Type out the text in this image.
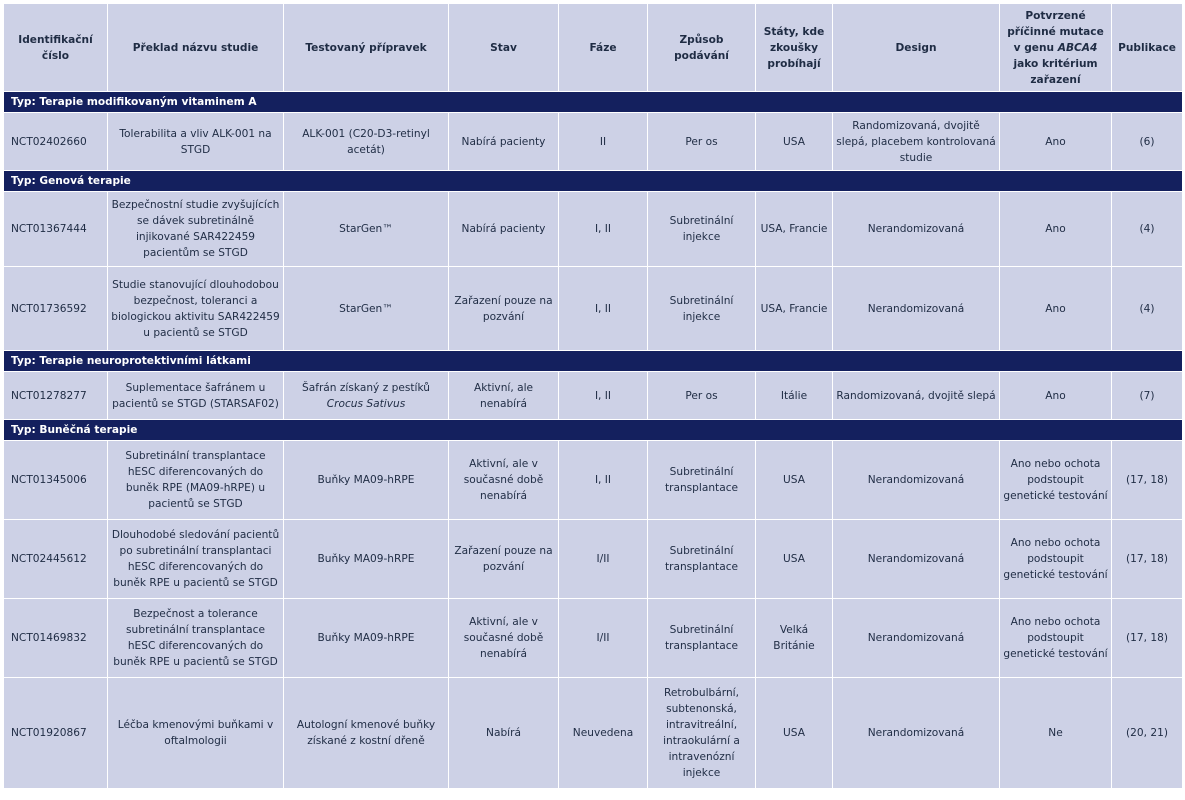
Identifikační číslo	Překlad názvu studie	Testovaný přípravek	Stav	Fáze	Způsob podávání	Státy, kde zkoušky probíhají	Design	Potvrzené příčinné mutace v genu ABCA4 jako kritérium zařazení	Publikace
Typ: Terapie modifikovaným vitaminem A									
NCT02402660	Tolerabilita a vliv ALK-001 na STGD	ALK-001 (C20-D3-retinyl acetát)	Nabírá pacienty	II	Per os	USA	Randomizovaná, dvojitě slepá, placebem kontrolovaná studie	Ano	(6)
Typ: Genová terapie									
NCT01367444	Bezpečnostní studie zvyšujících se dávek subretinálně injikované SAR422459 pacientům se STGD	StarGen™	Nabírá pacienty	I, II	Subretinální injekce	USA, Francie	Nerandomizovaná	Ano	(4)
NCT01736592	Studie stanovující dlouhodobou bezpečnost, toleranci a biologickou aktivitu SAR422459 u pacientů se STGD	StarGen™	Zařazení pouze na pozvání	I, II	Subretinální injekce	USA, Francie	Nerandomizovaná	Ano	(4)
Typ: Terapie neuroprotektivními látkami									
NCT01278277	Suplementace šafránem u pacientů se STGD (STARSAF02)	Šafrán získaný z pestíků Crocus Sativus	Aktivní, ale nenabírá	I, II	Per os	Itálie	Randomizovaná, dvojitě slepá	Ano	(7)
Typ: Buněčná terapie									
NCT01345006	Subretinální transplantace hESC diferencovaných do buněk RPE (MA09-hRPE) u pacientů se STGD	Buňky MA09-hRPE	Aktivní, ale v současné době nenabírá	I, II	Subretinální transplantace	USA	Nerandomizovaná	Ano nebo ochota podstoupit genetické testování	(17, 18)
NCT02445612	Dlouhodobé sledování pacientů po subretinální transplantaci hESC diferencovaných do buněk RPE u pacientů se STGD	Buňky MA09-hRPE	Zařazení pouze na pozvání	I/II	Subretinální transplantace	USA	Nerandomizovaná	Ano nebo ochota podstoupit genetické testování	(17, 18)
NCT01469832	Bezpečnost a tolerance subretinální transplantace hESC diferencovaných do buněk RPE u pacientů se STGD	Buňky MA09-hRPE	Aktivní, ale v současné době nenabírá	I/II	Subretinální transplantace	Velká Británie	Nerandomizovaná	Ano nebo ochota podstoupit genetické testování	(17, 18)
NCT01920867	Léčba kmenovými buňkami v oftalmologii	Autologní kmenové buňky získané z kostní dřeně	Nabírá	Neuvedena	Retrobulbární, subtenonská, intravitreální, intraokulární a intravenózní injekce	USA	Nerandomizovaná	Ne	(20, 21)
